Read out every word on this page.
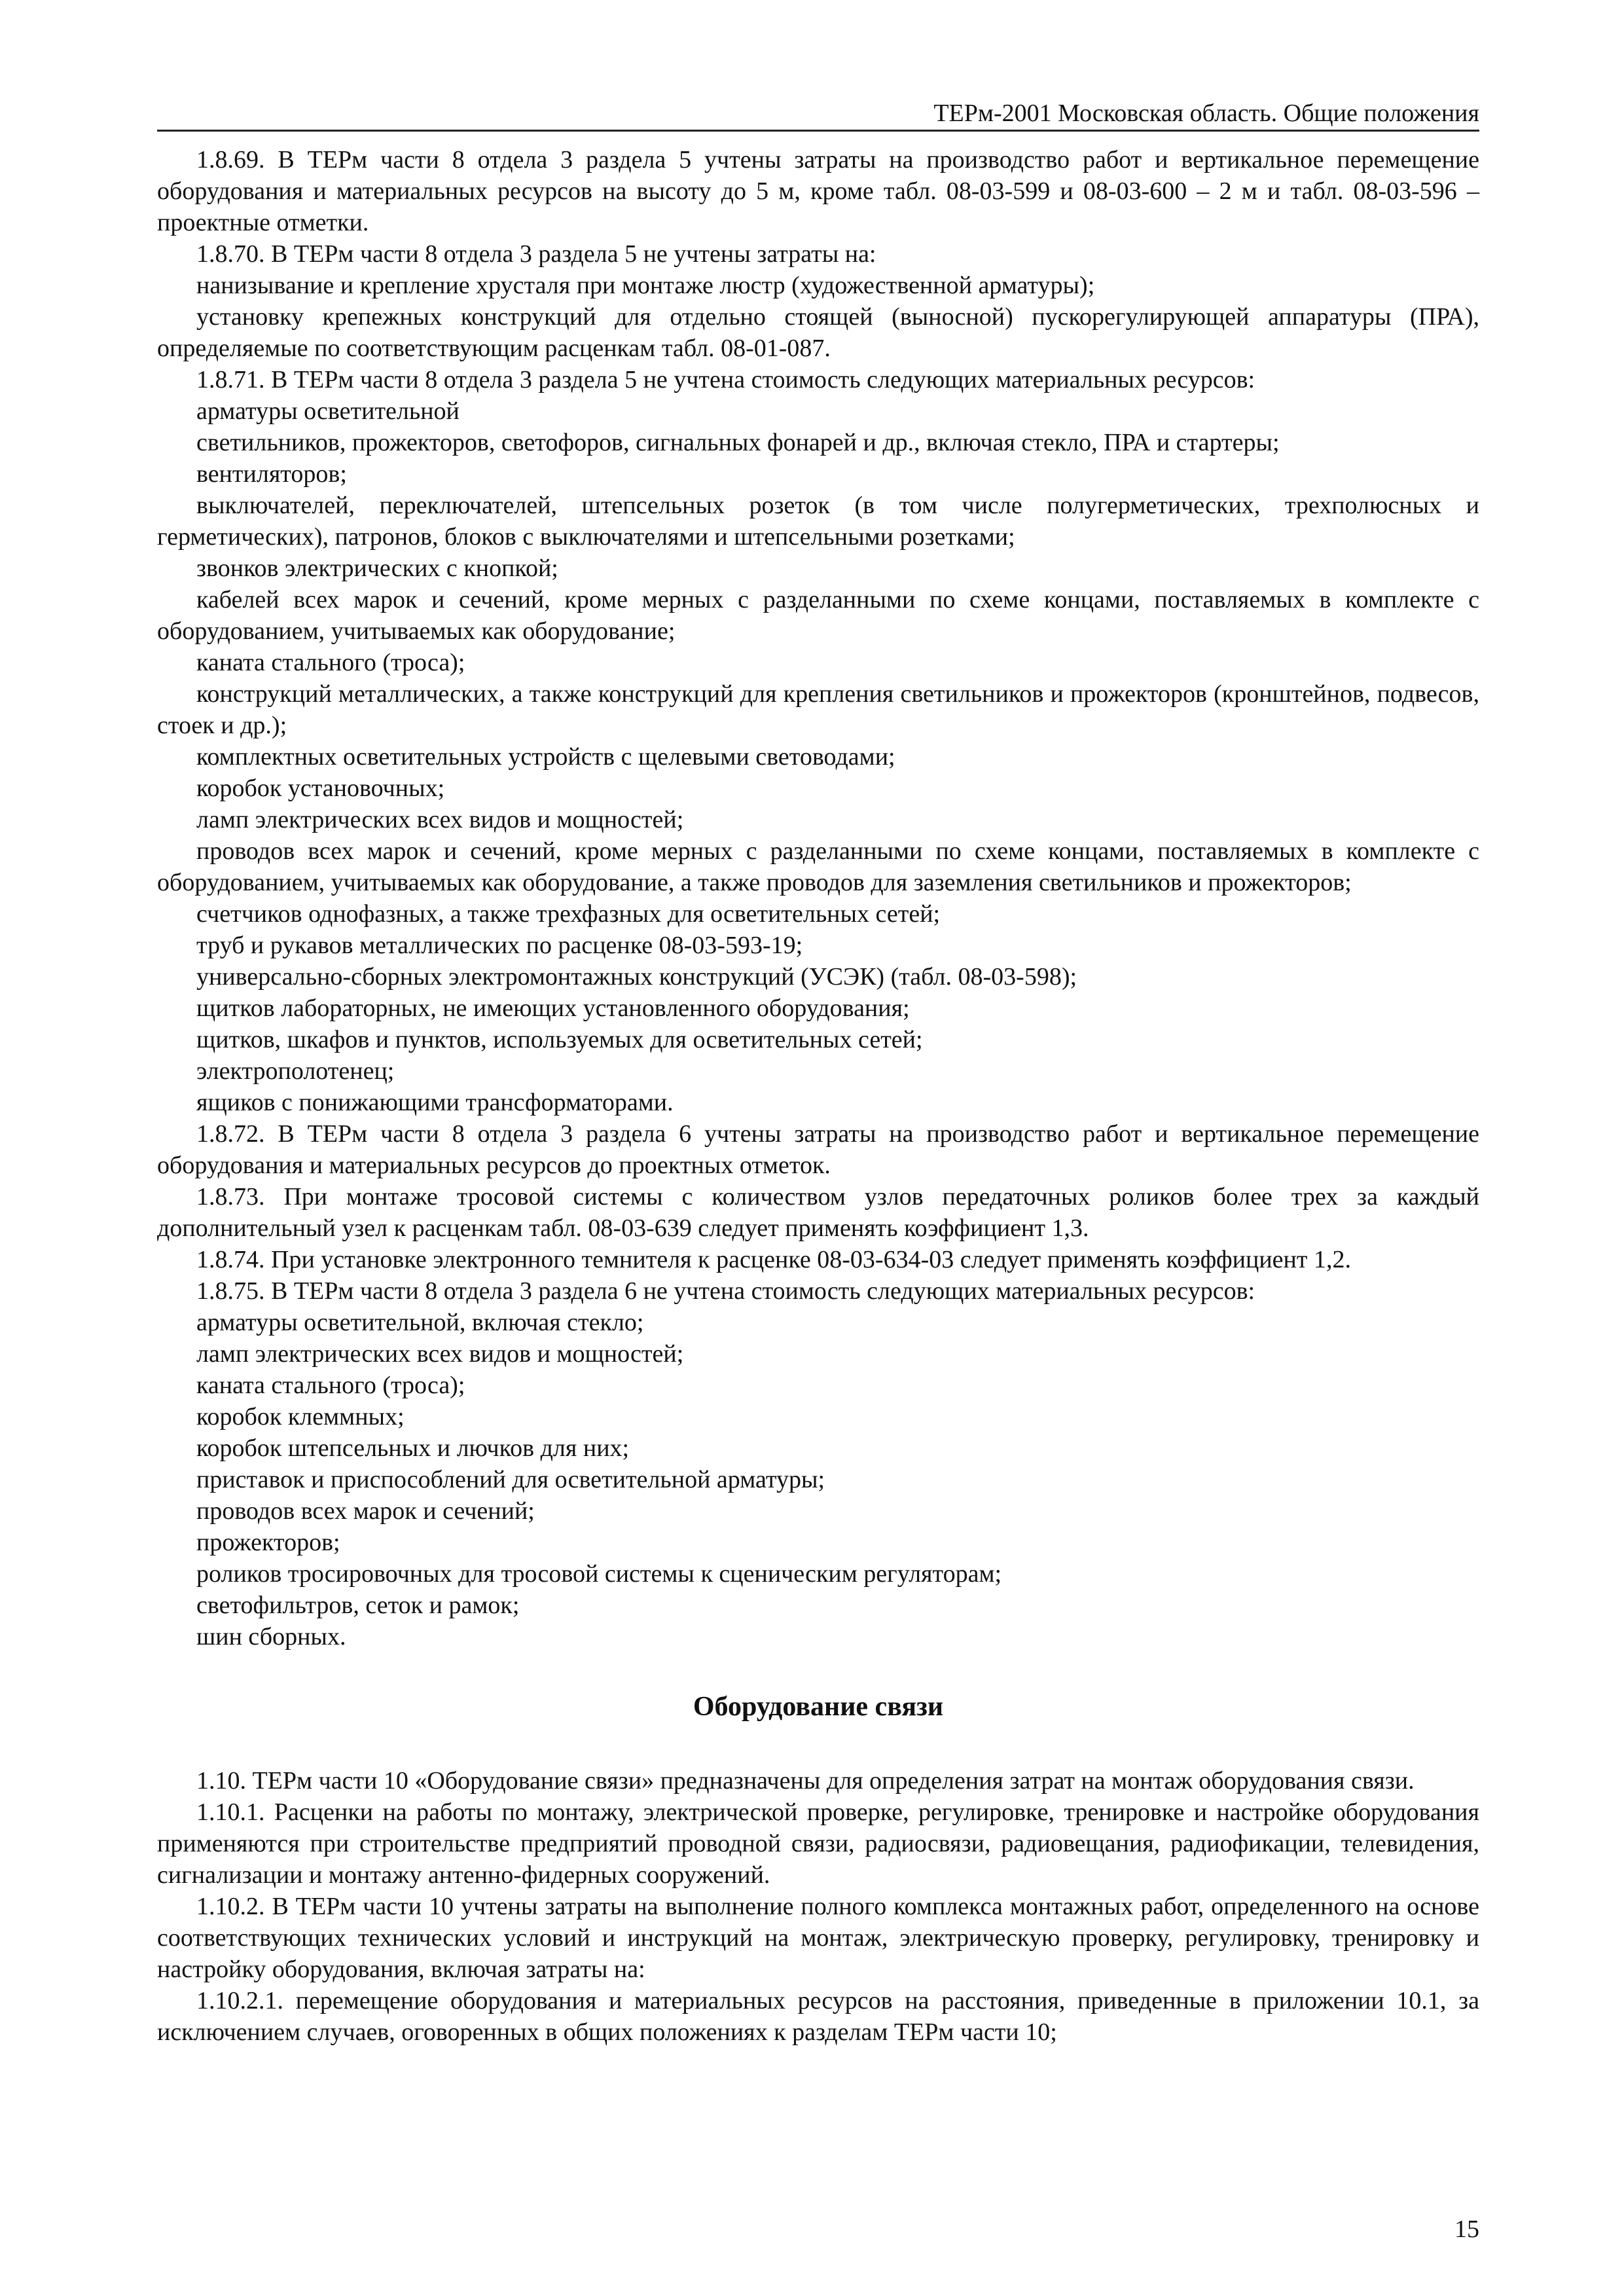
ТЕРм-2001 Московская область. Общие положения

1.8.69. В ТЕРм части 8 отдела 3 раздела 5 учтены затраты на производство работ и вертикальное перемещение оборудования и материальных ресурсов на высоту до 5 м, кроме табл. 08-03-599 и 08-03-600 – 2 м и табл. 08-03-596 – проектные отметки.

1.8.70. В ТЕРм части 8 отдела 3 раздела 5 не учтены затраты на:

нанизывание и крепление хрусталя при монтаже люстр (художественной арматуры);

установку крепежных конструкций для отдельно стоящей (выносной) пускорегулирующей аппаратуры (ПРА), определяемые по соответствующим расценкам табл. 08-01-087.

1.8.71. В ТЕРм части 8 отдела 3 раздела 5 не учтена стоимость следующих материальных ресурсов:

арматуры осветительной

светильников, прожекторов, светофоров, сигнальных фонарей и др., включая стекло, ПРА и стартеры;

вентиляторов;

выключателей, переключателей, штепсельных розеток (в том числе полугерметических, трехполюсных и герметических), патронов, блоков с выключателями и штепсельными розетками;

звонков электрических с кнопкой;

кабелей всех марок и сечений, кроме мерных с разделанными по схеме концами, поставляемых в комплекте с оборудованием, учитываемых как оборудование;

каната стального (троса);

конструкций металлических, а также конструкций для крепления светильников и прожекторов (кронштейнов, подвесов, стоек и др.);

комплектных осветительных устройств с щелевыми световодами;

коробок установочных;

ламп электрических всех видов и мощностей;

проводов всех марок и сечений, кроме мерных с разделанными по схеме концами, поставляемых в комплекте с оборудованием, учитываемых как оборудование, а также проводов для заземления светильников и прожекторов;

счетчиков однофазных, а также трехфазных для осветительных сетей;

труб и рукавов металлических по расценке 08-03-593-19;

универсально-сборных электромонтажных конструкций (УСЭК) (табл. 08-03-598);

щитков лабораторных, не имеющих установленного оборудования;

щитков, шкафов и пунктов, используемых для осветительных сетей;

электрополотенец;

ящиков с понижающими трансформаторами.

1.8.72. В ТЕРм части 8 отдела 3 раздела 6 учтены затраты на производство работ и вертикальное перемещение оборудования и материальных ресурсов до проектных отметок.

1.8.73. При монтаже тросовой системы с количеством узлов передаточных роликов более трех за каждый дополнительный узел к расценкам табл. 08-03-639 следует применять коэффициент 1,3.

1.8.74. При установке электронного темнителя к расценке 08-03-634-03 следует применять коэффициент 1,2.

1.8.75. В ТЕРм части 8 отдела 3 раздела 6 не учтена стоимость следующих материальных ресурсов:

арматуры осветительной, включая стекло;

ламп электрических всех видов и мощностей;

каната стального (троса);

коробок клеммных;

коробок штепсельных и лючков для них;

приставок и приспособлений для осветительной арматуры;

проводов всех марок и сечений;

прожекторов;

роликов тросировочных для тросовой системы к сценическим регуляторам;

светофильтров, сеток и рамок;

шин сборных.

Оборудование связи

1.10. ТЕРм части 10 «Оборудование связи» предназначены для определения затрат на монтаж оборудования связи.

1.10.1. Расценки на работы по монтажу, электрической проверке, регулировке, тренировке и настройке оборудования применяются при строительстве предприятий проводной связи, радиосвязи, радиовещания, радиофикации, телевидения, сигнализации и монтажу антенно-фидерных сооружений.

1.10.2. В ТЕРм части 10 учтены затраты на выполнение полного комплекса монтажных работ, определенного на основе соответствующих технических условий и инструкций на монтаж, электрическую проверку, регулировку, тренировку и настройку оборудования, включая затраты на:

1.10.2.1. перемещение оборудования и материальных ресурсов на расстояния, приведенные в приложении 10.1, за исключением случаев, оговоренных в общих положениях к разделам ТЕРм части 10;

15
